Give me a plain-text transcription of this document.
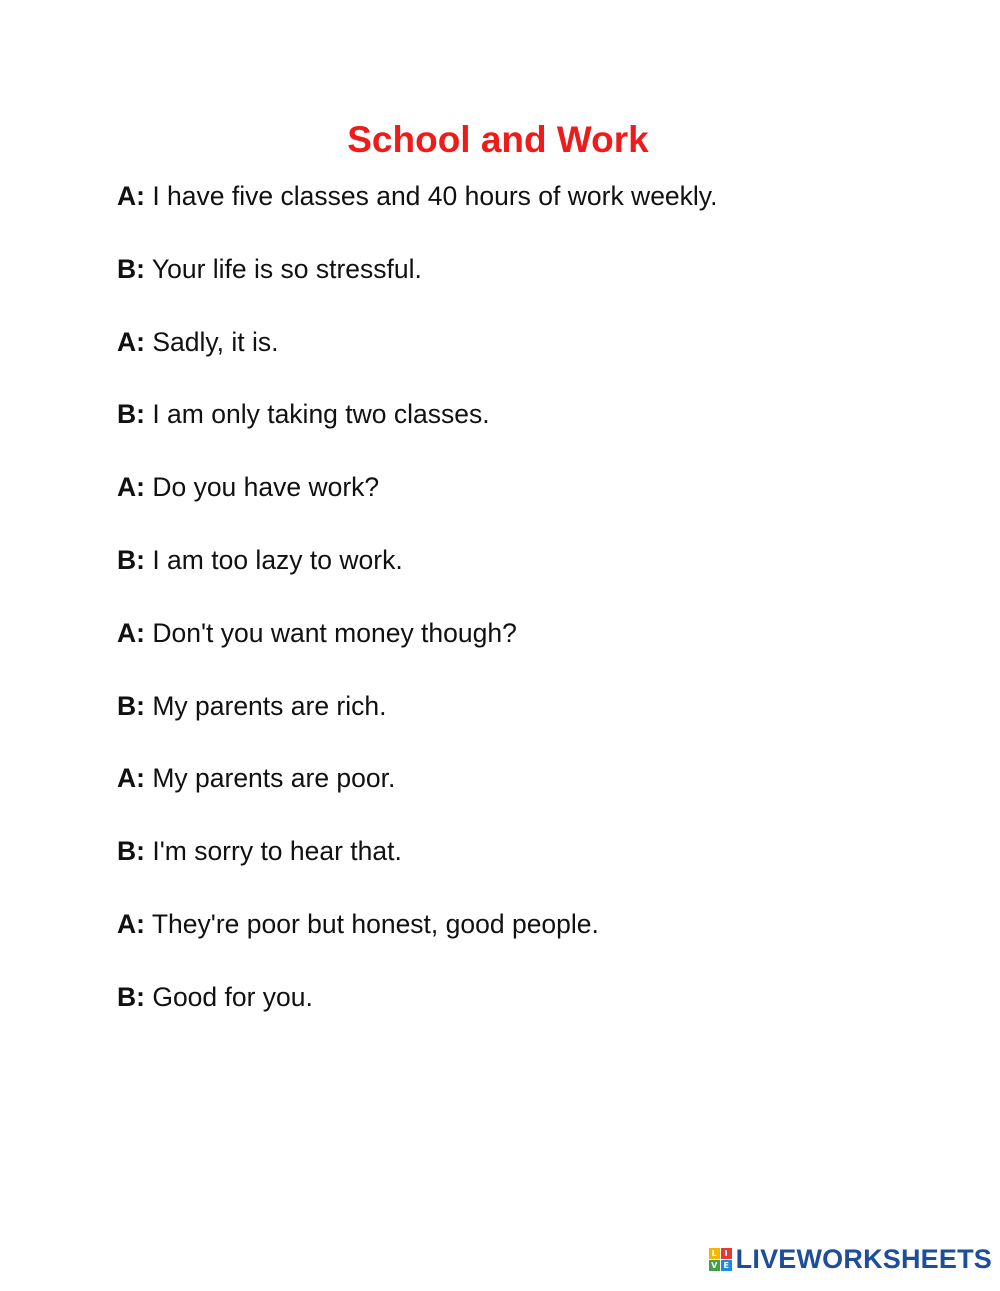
School and Work
A: I have five classes and 40 hours of work weekly.
B: Your life is so stressful.
A: Sadly, it is.
B: I am only taking two classes.
A: Do you have work?
B: I am too lazy to work.
A: Don't you want money though?
B: My parents are rich.
A: My parents are poor.
B: I'm sorry to hear that.
A: They're poor but honest, good people.
B: Good for you.
L I
V E LIVEWORKSHEETS
